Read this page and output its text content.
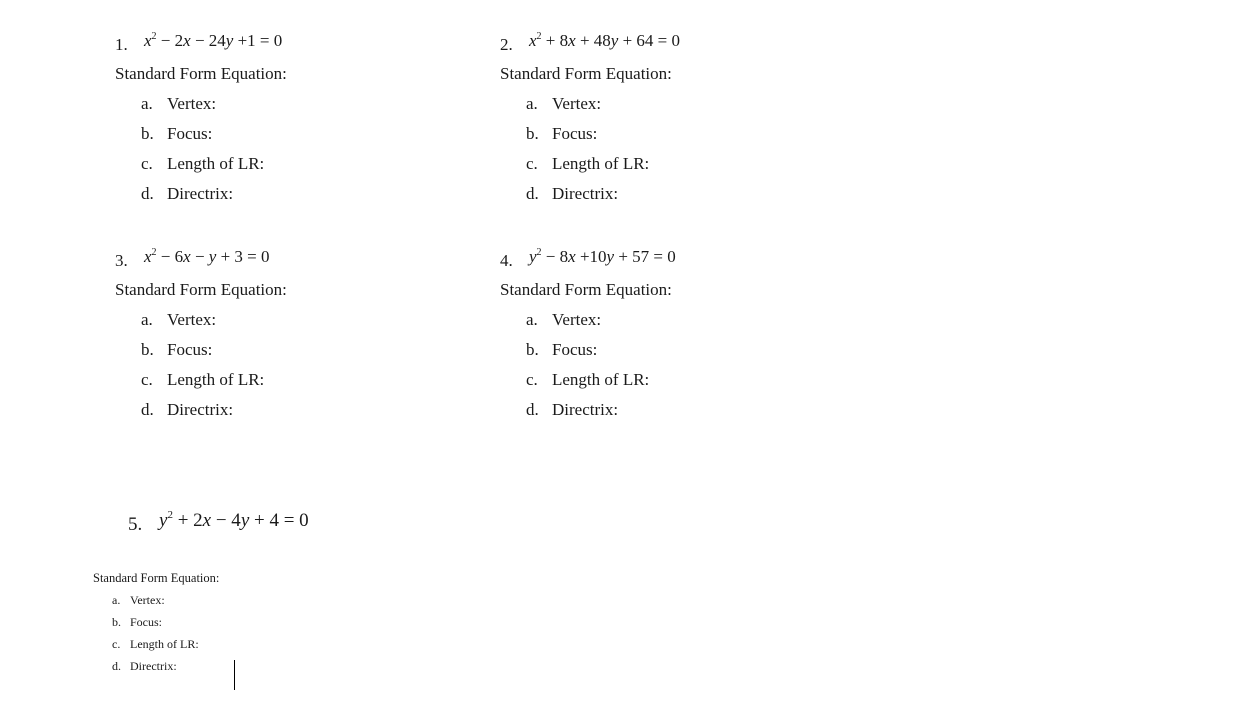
1. $x^2 - 2x - 24y +1 = 0$
Standard Form Equation:
a. Vertex:
b. Focus:
c. Length of LR:
d. Directrix:
2. $x^2 + 8x + 48y + 64 = 0$
Standard Form Equation:
a. Vertex:
b. Focus:
c. Length of LR:
d. Directrix:
3. $x^2 - 6x - y + 3 = 0$
Standard Form Equation:
a. Vertex:
b. Focus:
c. Length of LR:
d. Directrix:
4. $y^2 - 8x +10y + 57 = 0$
Standard Form Equation:
a. Vertex:
b. Focus:
c. Length of LR:
d. Directrix:
5. $y^2 + 2x - 4y + 4 = 0$
Standard Form Equation:
a. Vertex:
b. Focus:
c. Length of LR:
d. Directrix:
